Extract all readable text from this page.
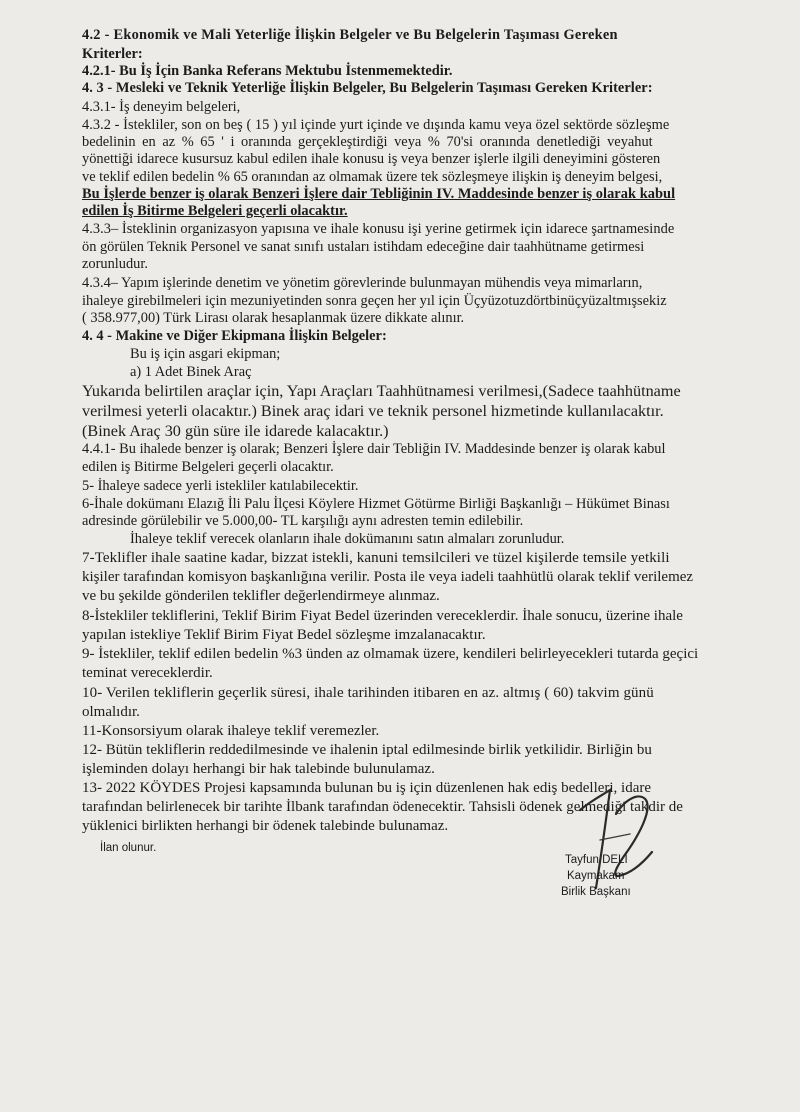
4.2 - Ekonomik ve Mali Yeterliğe İlişkin Belgeler ve Bu Belgelerin Taşıması Gereken
Kriterler:
4.2.1- Bu İş İçin Banka Referans Mektubu İstenmemektedir.
4. 3 - Mesleki ve Teknik Yeterliğe İlişkin Belgeler, Bu Belgelerin Taşıması Gereken Kriterler:
4.3.1- İş deneyim belgeleri,
4.3.2 - İstekliler, son on beş ( 15 ) yıl içinde yurt içinde ve dışında kamu veya özel sektörde sözleşme
bedelinin en az % 65 ' i oranında gerçekleştirdiği veya % 70'si oranında denetlediği veyahut
yönettiği idarece kusursuz kabul edilen ihale konusu iş veya benzer işlerle ilgili deneyimini gösteren
ve teklif edilen bedelin % 65 oranından az olmamak üzere tek sözleşmeye ilişkin iş deneyim belgesi,
Bu İşlerde benzer iş olarak Benzeri İşlere dair Tebliğinin IV. Maddesinde benzer iş olarak kabul
edilen İş Bitirme Belgeleri geçerli olacaktır.
4.3.3– İsteklinin organizasyon yapısına ve ihale konusu işi yerine getirmek için idarece şartnamesinde
ön görülen Teknik Personel ve sanat sınıfı ustaları istihdam edeceğine dair taahhütname getirmesi
zorunludur.
4.3.4– Yapım işlerinde denetim ve yönetim görevlerinde bulunmayan mühendis veya mimarların,
ihaleye girebilmeleri için mezuniyetinden sonra geçen her yıl için Üçyüzotuzdörtbinüçyüzaltmışsekiz
( 358.977,00) Türk Lirası olarak hesaplanmak üzere dikkate alınır.
4. 4 - Makine ve Diğer Ekipmana İlişkin Belgeler:
Bu iş için asgari ekipman;
a) 1 Adet Binek Araç
Yukarıda belirtilen araçlar için, Yapı Araçları Taahhütnamesi verilmesi,(Sadece taahhütname
verilmesi yeterli olacaktır.) Binek araç idari ve teknik personel hizmetinde kullanılacaktır.
(Binek Araç 30 gün süre ile idarede kalacaktır.)
4.4.1- Bu ihalede benzer iş olarak; Benzeri İşlere dair Tebliğin IV. Maddesinde benzer iş olarak kabul
edilen iş Bitirme Belgeleri geçerli olacaktır.
5- İhaleye sadece yerli istekliler katılabilecektir.
6-İhale dokümanı Elazığ İli Palu İlçesi Köylere Hizmet Götürme Birliği Başkanlığı – Hükümet Binası
adresinde görülebilir ve 5.000,00- TL karşılığı aynı adresten temin edilebilir.
İhaleye teklif verecek olanların ihale dokümanını satın almaları zorunludur.
7-Teklifler ihale saatine kadar, bizzat istekli, kanuni temsilcileri ve tüzel kişilerde temsile yetkili
kişiler tarafından komisyon başkanlığına verilir. Posta ile veya iadeli taahhütlü olarak teklif verilemez
ve bu şekilde gönderilen teklifler değerlendirmeye alınmaz.
8-İstekliler tekliflerini, Teklif Birim Fiyat Bedel üzerinden vereceklerdir. İhale sonucu, üzerine ihale
yapılan istekliye Teklif Birim Fiyat Bedel sözleşme imzalanacaktır.
9- İstekliler, teklif edilen bedelin %3 ünden az olmamak üzere, kendileri belirleyecekleri tutarda geçici
teminat vereceklerdir.
10- Verilen tekliflerin geçerlik süresi, ihale tarihinden itibaren en az. altmış ( 60) takvim günü
olmalıdır.
11-Konsorsiyum olarak ihaleye teklif veremezler.
12- Bütün tekliflerin reddedilmesinde ve ihalenin iptal edilmesinde birlik yetkilidir. Birliğin bu
işleminden dolayı herhangi bir hak talebinde bulunulamaz.
13- 2022 KÖYDES Projesi kapsamında bulunan bu iş için düzenlenen hak ediş bedelleri, idare
tarafından belirlenecek bir tarihte İlbank tarafından ödenecektir. Tahsisli ödenek gelmediği takdir de
yüklenici birlikten herhangi bir ödenek talebinde bulunamaz.
İlan olunur.
Tayfun DELİ
Kaymakam
Birlik Başkanı
